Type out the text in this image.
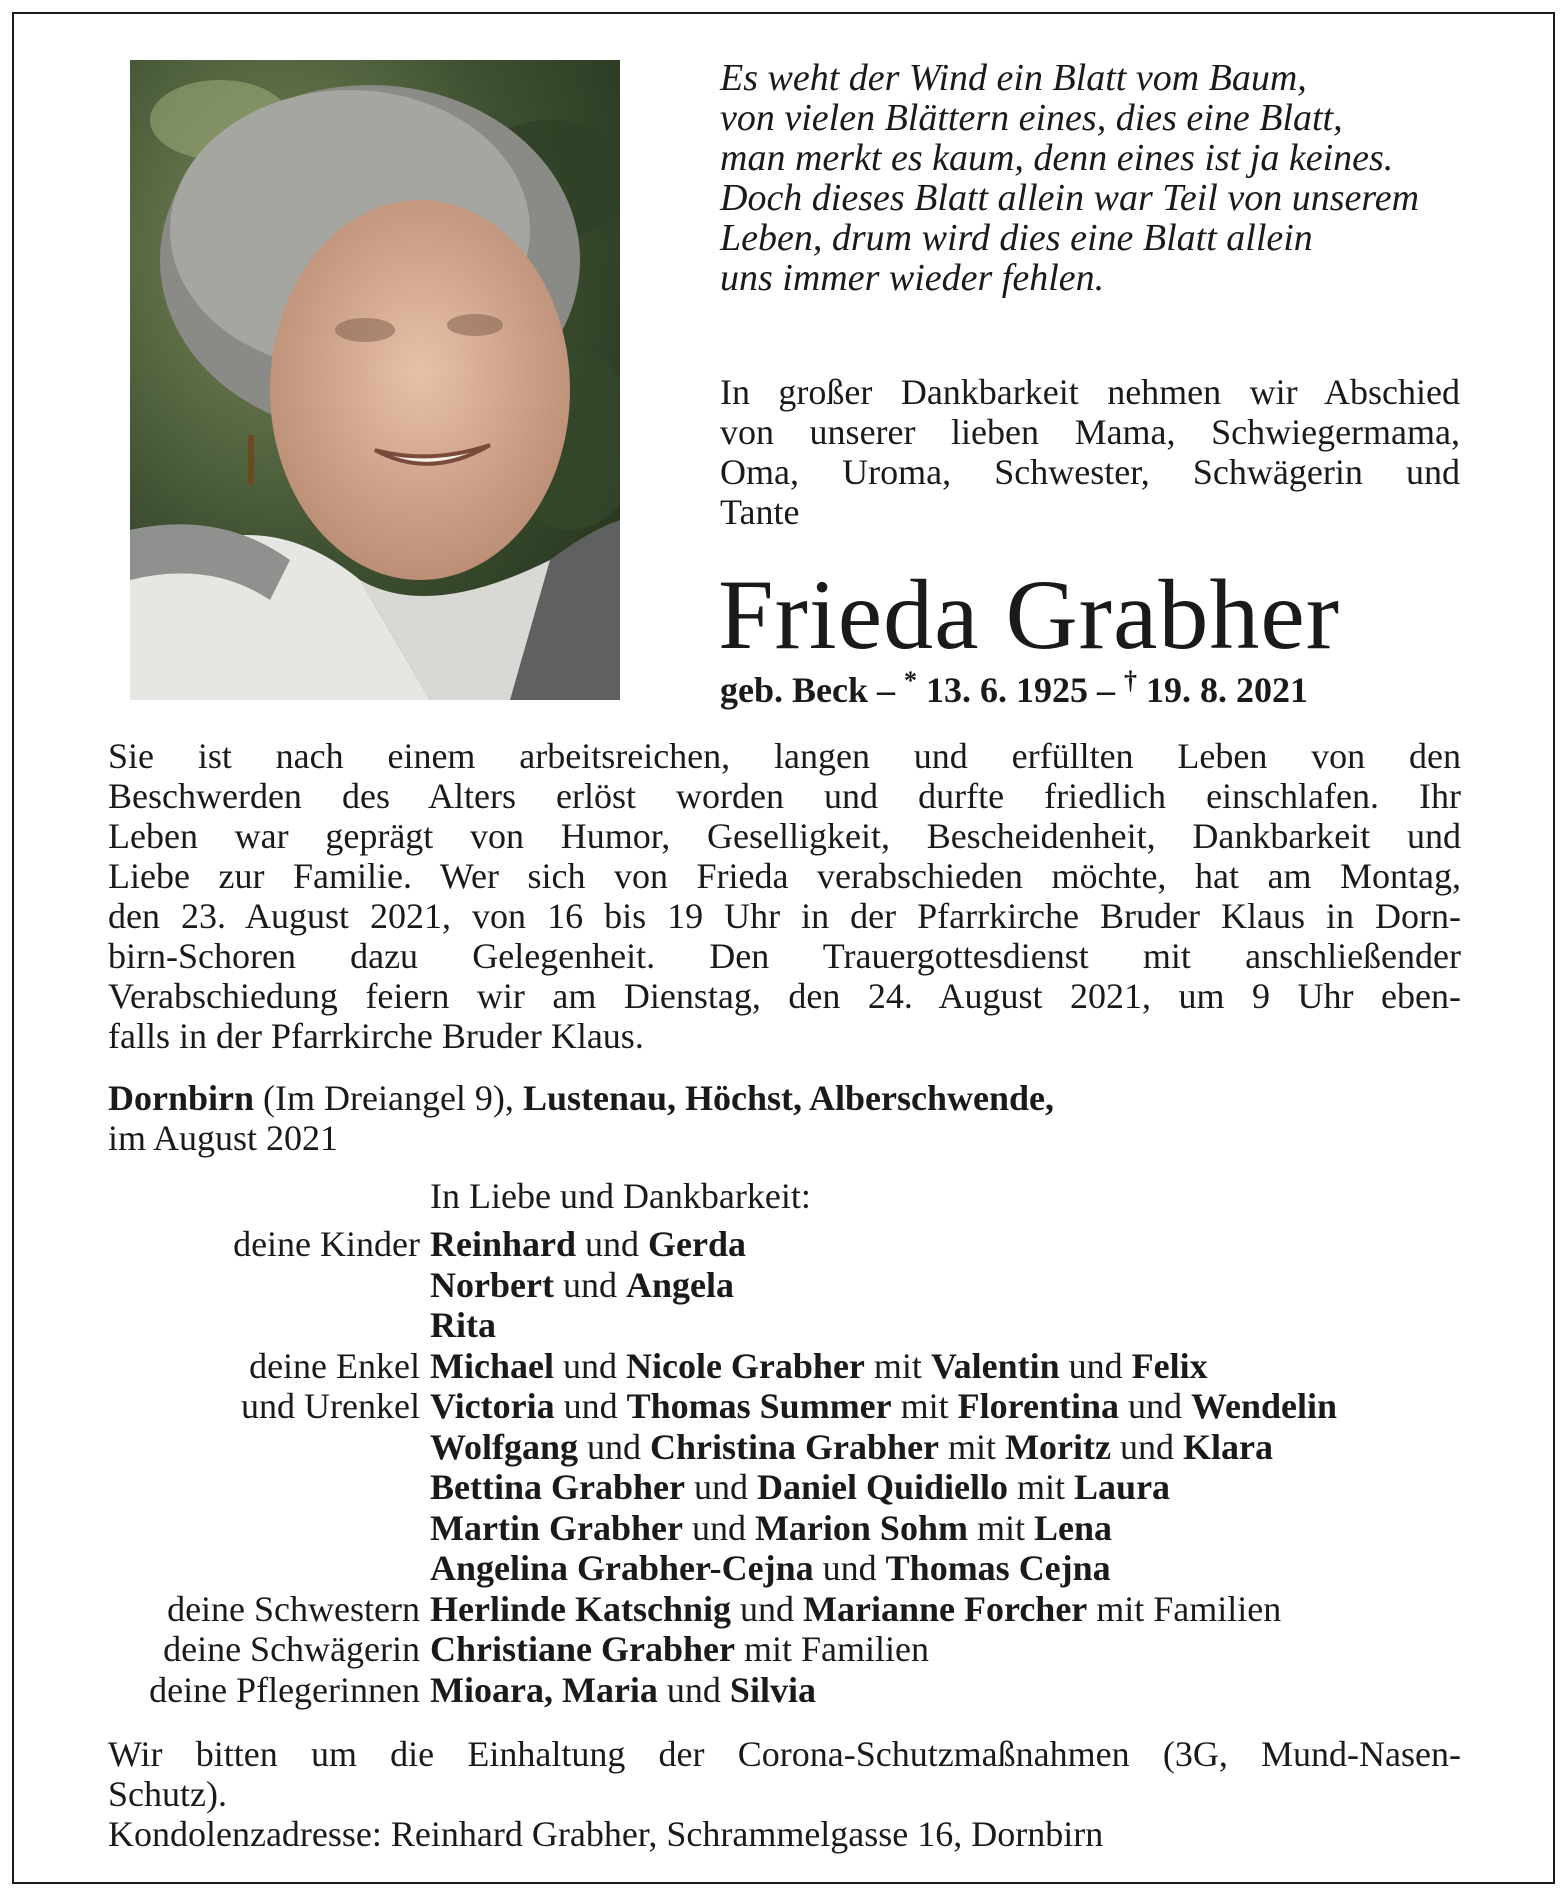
Es weht der Wind ein Blatt vom Baum,
von vielen Blättern eines, dies eine Blatt,
man merkt es kaum, denn eines ist ja keines.
Doch dieses Blatt allein war Teil von unserem
Leben, drum wird dies eine Blatt allein
uns immer wieder fehlen.
In großer Dankbarkeit nehmen wir Abschied
von unserer lieben Mama, Schwiegermama,
Oma, Uroma, Schwester, Schwägerin und
Tante
Frieda Grabher
geb. Beck – * 13. 6. 1925 – † 19. 8. 2021
Sie ist nach einem arbeitsreichen, langen und erfüllten Leben von den
Beschwerden des Alters erlöst worden und durfte friedlich einschlafen. Ihr
Leben war geprägt von Humor, Geselligkeit, Bescheidenheit, Dankbarkeit und
Liebe zur Familie. Wer sich von Frieda verabschieden möchte, hat am Montag,
den 23. August 2021, von 16 bis 19 Uhr in der Pfarrkirche Bruder Klaus in Dorn-
birn-Schoren dazu Gelegenheit. Den Trauergottesdienst mit anschließender
Verabschiedung feiern wir am Dienstag, den 24. August 2021, um 9 Uhr eben-
falls in der Pfarrkirche Bruder Klaus.
Dornbirn (Im Dreiangel 9), Lustenau, Höchst, Alberschwende,
im August 2021
In Liebe und Dankbarkeit:
deine Kinder Reinhard und Gerda
Norbert und Angela
Rita
deine Enkel Michael und Nicole Grabher mit Valentin und Felix
und Urenkel Victoria und Thomas Summer mit Florentina und Wendelin
Wolfgang und Christina Grabher mit Moritz und Klara
Bettina Grabher und Daniel Quidiello mit Laura
Martin Grabher und Marion Sohm mit Lena
Angelina Grabher-Cejna und Thomas Cejna
deine Schwestern Herlinde Katschnig und Marianne Forcher mit Familien
deine Schwägerin Christiane Grabher mit Familien
deine Pflegerinnen Mioara, Maria und Silvia
Wir bitten um die Einhaltung der Corona-Schutzmaßnahmen (3G, Mund-Nasen-
Schutz).
Kondolenzadresse: Reinhard Grabher, Schrammelgasse 16, Dornbirn
